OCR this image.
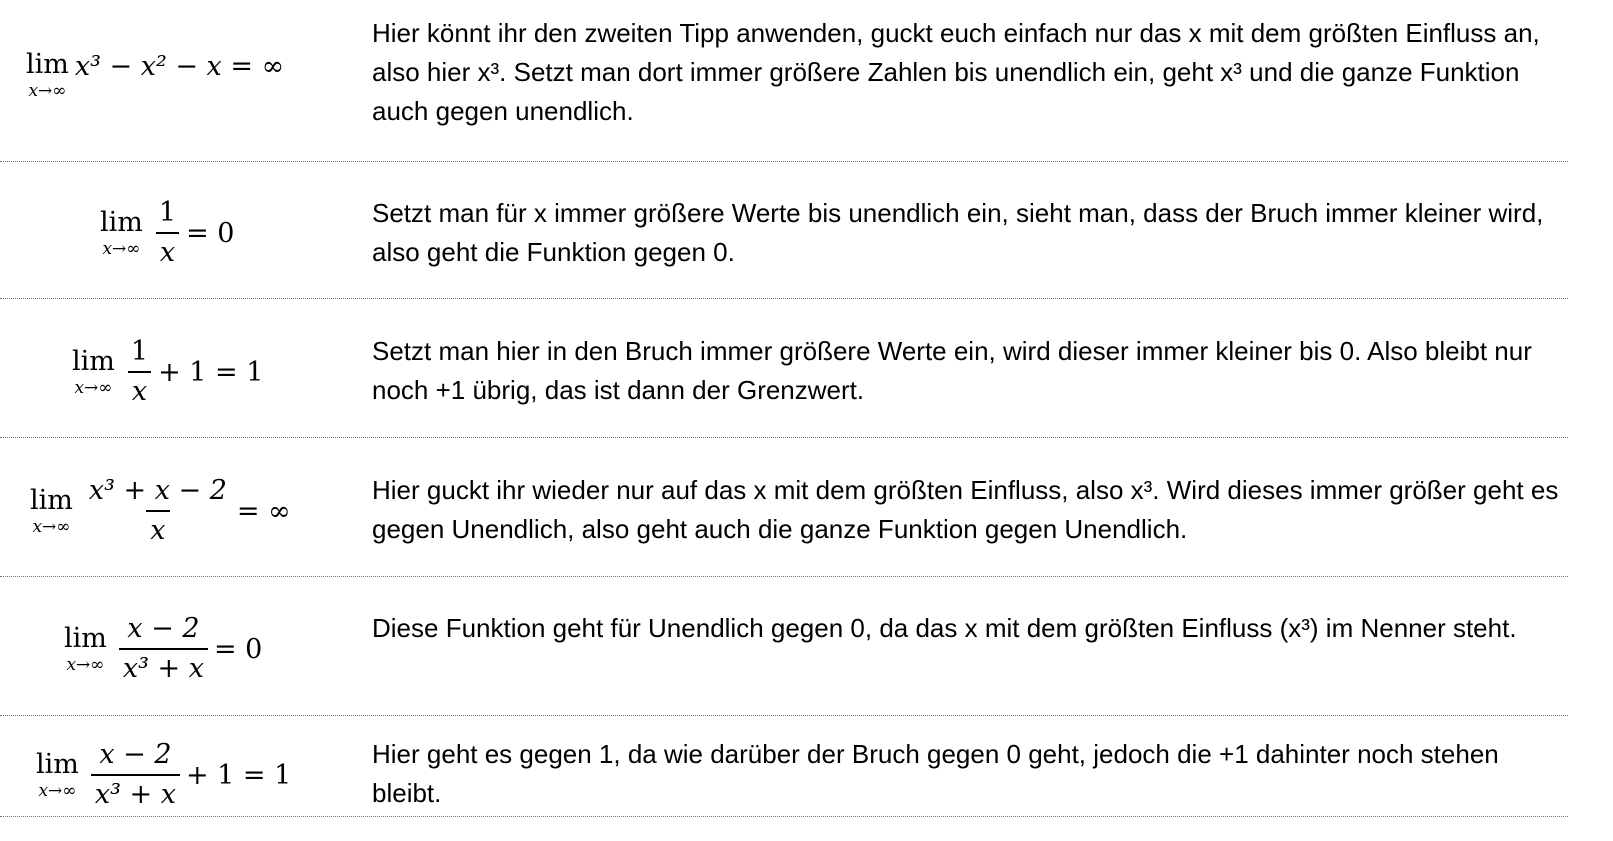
lim
x→∞
x³ − x² − x = ∞
Hier könnt ihr den zweiten Tipp anwenden, guckt euch einfach nur das x mit dem größten Einfluss an, also hier x³. Setzt man dort immer größere Zahlen bis unendlich ein, geht x³ und die ganze Funktion auch gegen unendlich.
lim
$x\to\infty \frac{1}{x} = 0$
Setzt man für x immer größere Werte bis unendlich ein, sieht man, dass der Bruch immer kleiner wird, also geht die Funktion gegen 0.
lim
$x\to\infty \frac{1}{x} + 1 = 1$
Setzt man hier in den Bruch immer größere Werte ein, wird dieser immer kleiner bis 0. Also bleibt nur noch +1 übrig, das ist dann der Grenzwert.
lim
$x\to\infty \frac{\text{x³ + x − 2}}{x}$ = ∞
Hier guckt ihr wieder nur auf das x mit dem größten Einfluss, also x³. Wird dieses immer größer geht es gegen Unendlich, also geht auch die ganze Funktion gegen Unendlich.
lim
$x\to\infty \frac{x - 2}{\text{x³ + x}} = 0$
Diese Funktion geht für Unendlich gegen 0, da das x mit dem größten Einfluss (x³) im Nenner steht.
lim
$x\to\infty \frac{x - 2}{\text{x³ + x}} + 1 = 1$
Hier geht es gegen 1, da wie darüber der Bruch gegen 0 geht, jedoch die +1 dahinter noch stehen bleibt.
